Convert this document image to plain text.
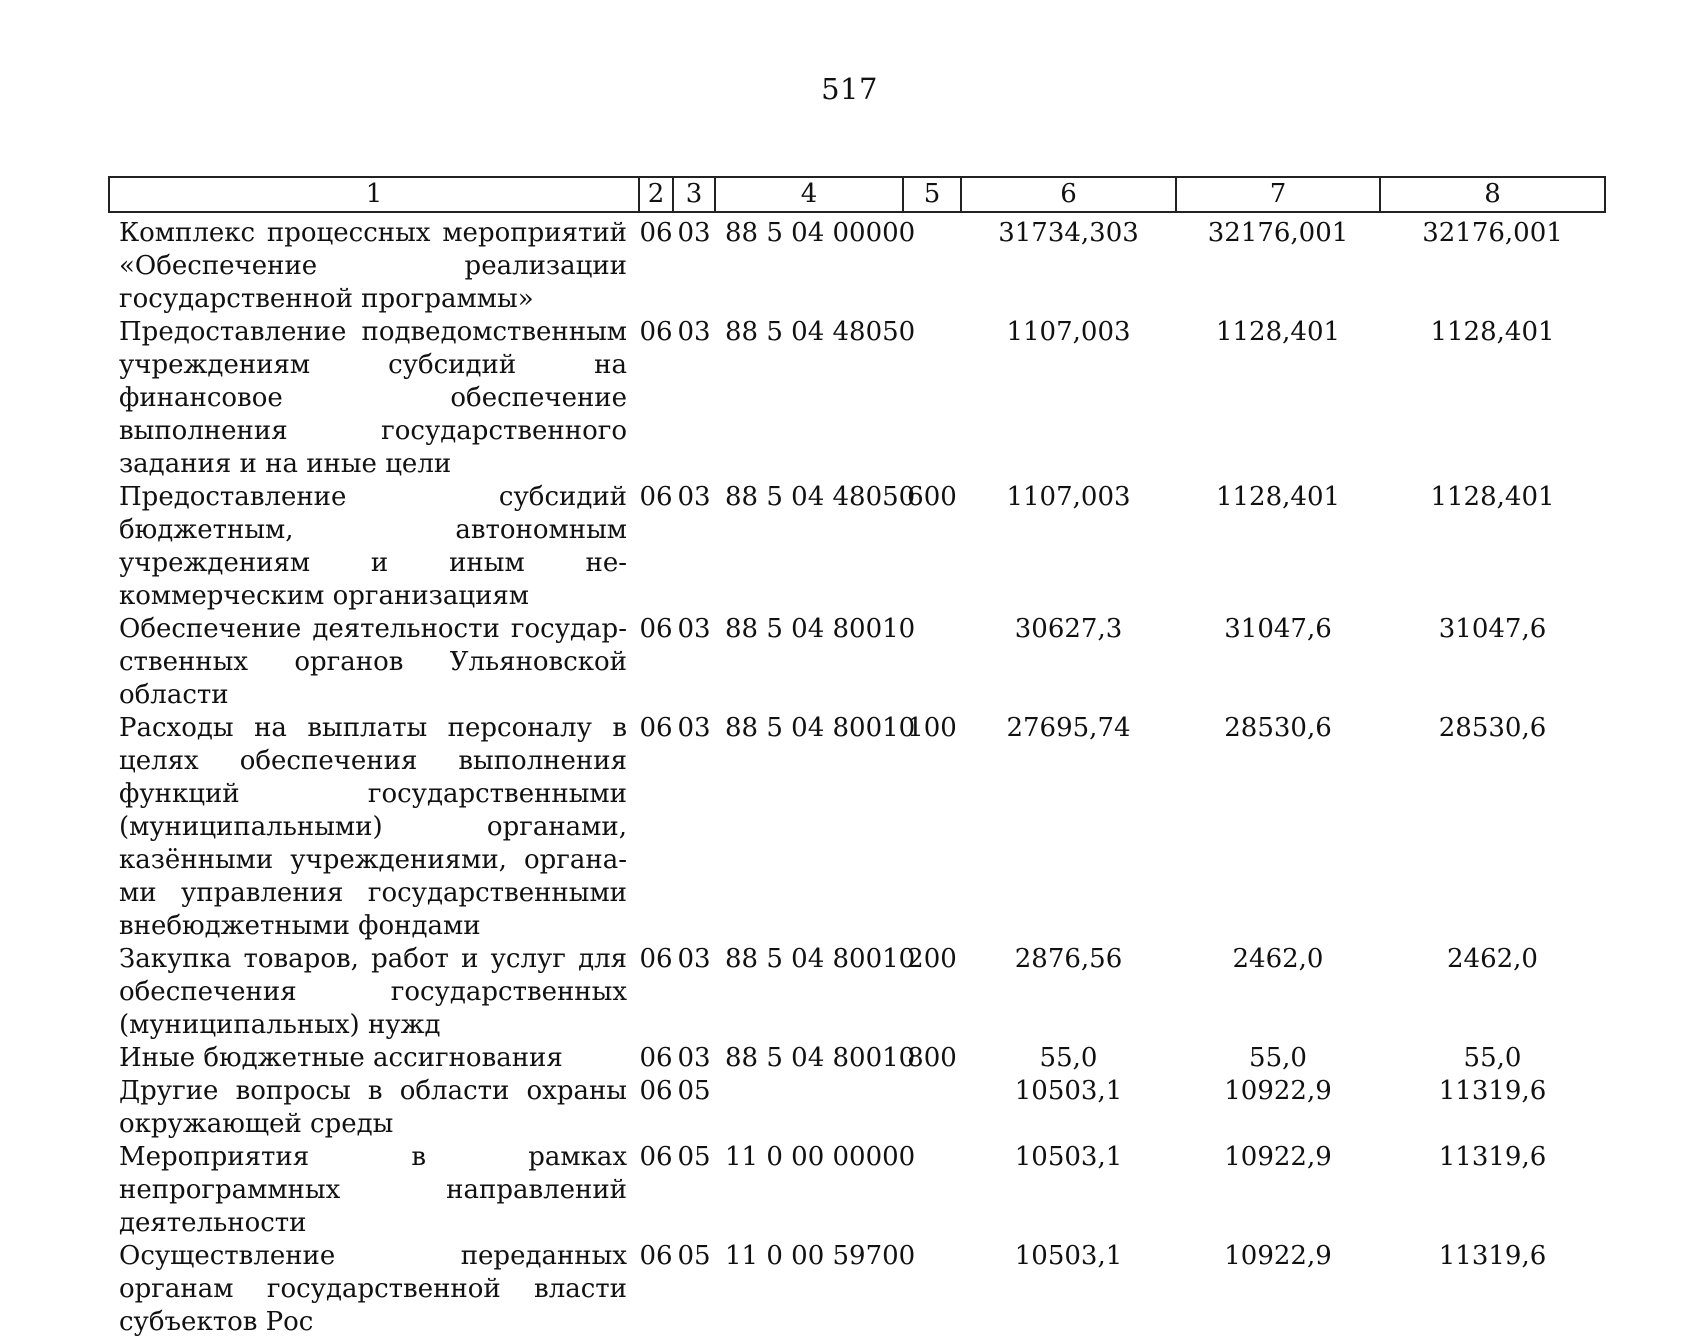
517
1	2	3	4	5	6	7	8
Комплекс процессных мероприятий «Обеспечение реализации государственной программы»	06	03	88 5 04 00000		31734,303	32176,001	32176,001
Предоставление подведомственным учреждениям субсидий на финансовое обеспечение выполнения государственного задания и на иные цели	06	03	88 5 04 48050		1107,003	1128,401	1128,401
Предоставление субсидий бюджетным, автономным учреждениям и иным некоммерческим организациям	06	03	88 5 04 48050	600	1107,003	1128,401	1128,401
Обеспечение деятельности государственных органов Ульяновской области	06	03	88 5 04 80010		30627,3	31047,6	31047,6
Расходы на выплаты персоналу в целях обеспечения выполнения функций государственными (муниципальными) органами, казёнными учреждениями, органами управления государственными внебюджетными фондами	06	03	88 5 04 80010	100	27695,74	28530,6	28530,6
Закупка товаров, работ и услуг для обеспечения государственных (муниципальных) нужд	06	03	88 5 04 80010	200	2876,56	2462,0	2462,0
Иные бюджетные ассигнования	06	03	88 5 04 80010	800	55,0	55,0	55,0
Другие вопросы в области охраны окружающей среды	06	05			10503,1	10922,9	11319,6
Мероприятия в рамках непрограммных направлений деятельности	06	05	11 0 00 00000		10503,1	10922,9	11319,6
Осуществление переданных органам государственной власти субъектов Рос	06	05	11 0 00 59700		10503,1	10922,9	11319,6
